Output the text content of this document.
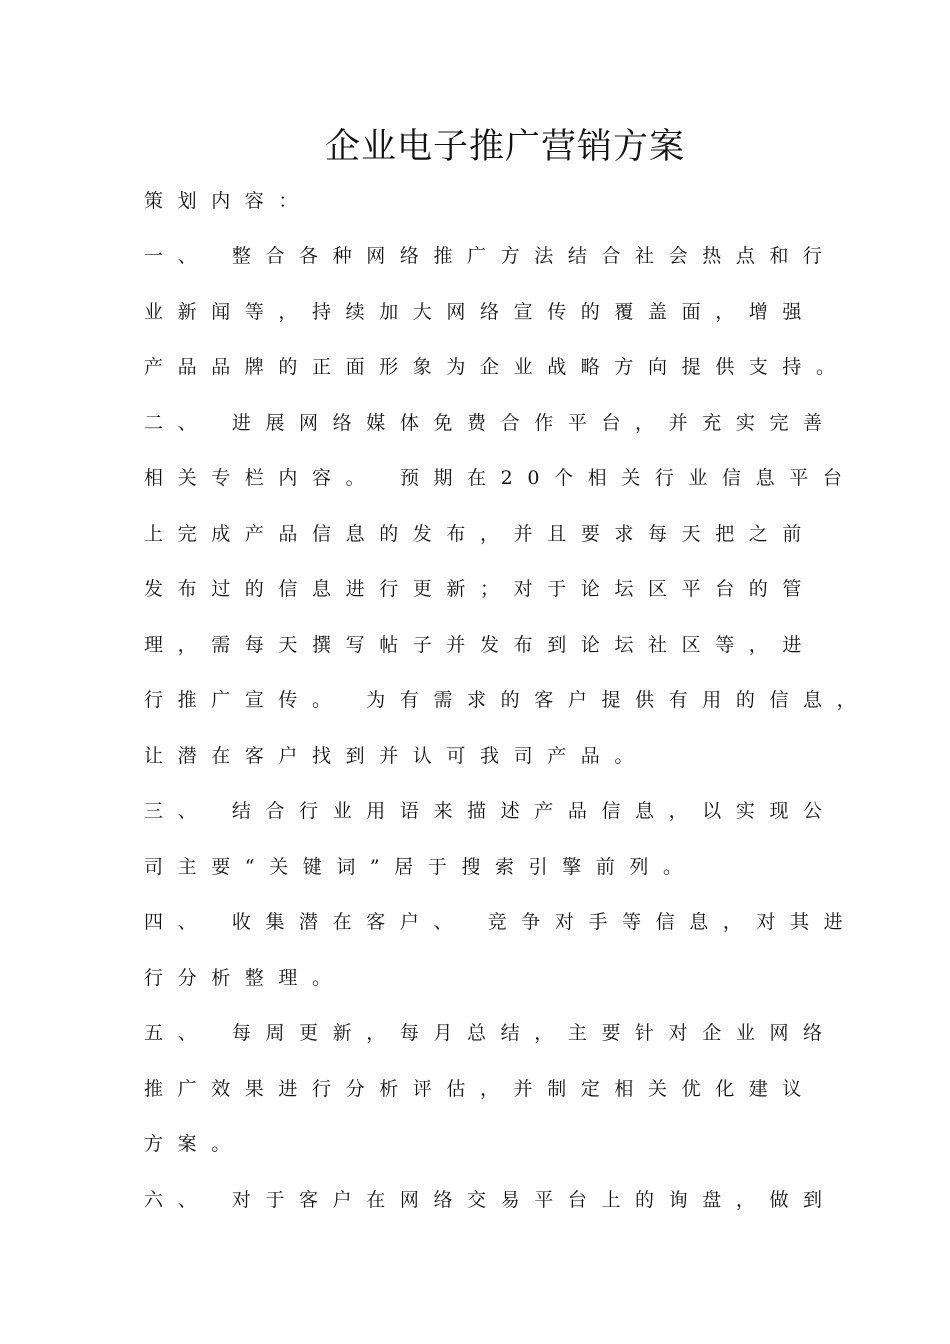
企业电子推广营销方案

策划内容：

一、 整合各种网络推广方法结合社会热点和行

业新闻等，持续加大网络宣传的覆盖面，增强

产品品牌的正面形象为企业战略方向提供支持。

二、 进展网络媒体免费合作平台，并充实完善

相关专栏内容。 预期在20个相关行业信息平台

上完成产品信息的发布，并且要求每天把之前

发布过的信息进行更新；对于论坛区平台的管

理，需每天撰写帖子并发布到论坛社区等，进

行推广宣传。 为有需求的客户提供有用的信息，

让潜在客户找到并认可我司产品。

三、 结合行业用语来描述产品信息，以实现公

司主要“关键词”居于搜索引擎前列。

四、 收集潜在客户、 竞争对手等信息，对其进

行分析整理。

五、 每周更新，每月总结，主要针对企业网络

推广效果进行分析评估，并制定相关优化建议

方案。

六、 对于客户在网络交易平台上的询盘，做到
